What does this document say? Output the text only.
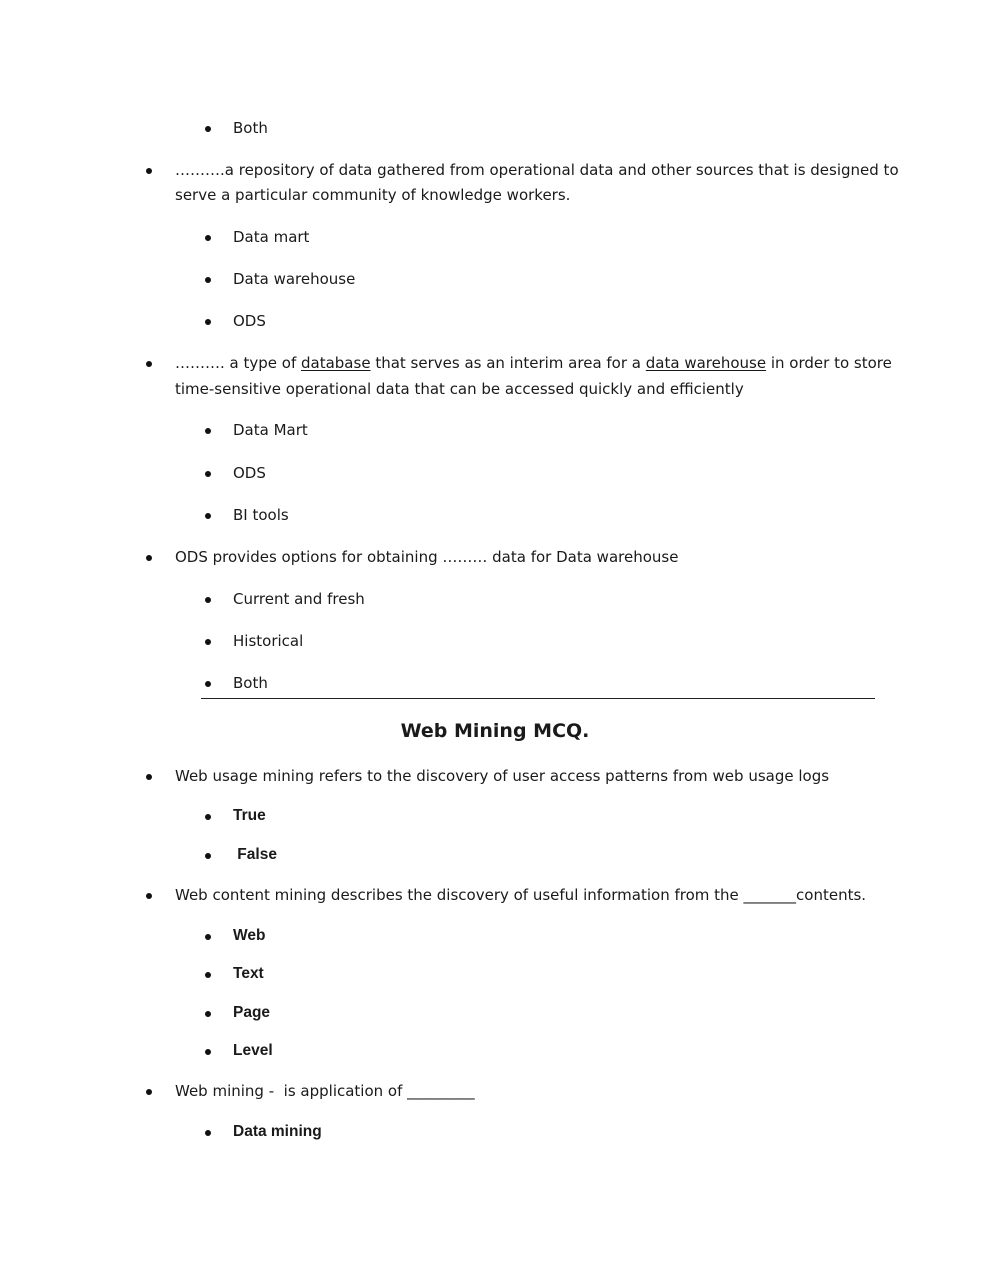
Both
……….a repository of data gathered from operational data and other sources that is designed to
serve a particular community of knowledge workers.
Data mart
Data warehouse
ODS
………. a type of database that serves as an interim area for a data warehouse in order to store
time-sensitive operational data that can be accessed quickly and efficiently
Data Mart
ODS
BI tools
ODS provides options for obtaining ……… data for Data warehouse
Current and fresh
Historical
Both
Web Mining MCQ.
Web usage mining refers to the discovery of user access patterns from web usage logs
True
False
Web content mining describes the discovery of useful information from the _______contents.
Web
Text
Page
Level
Web mining -  is application of _________
Data mining
